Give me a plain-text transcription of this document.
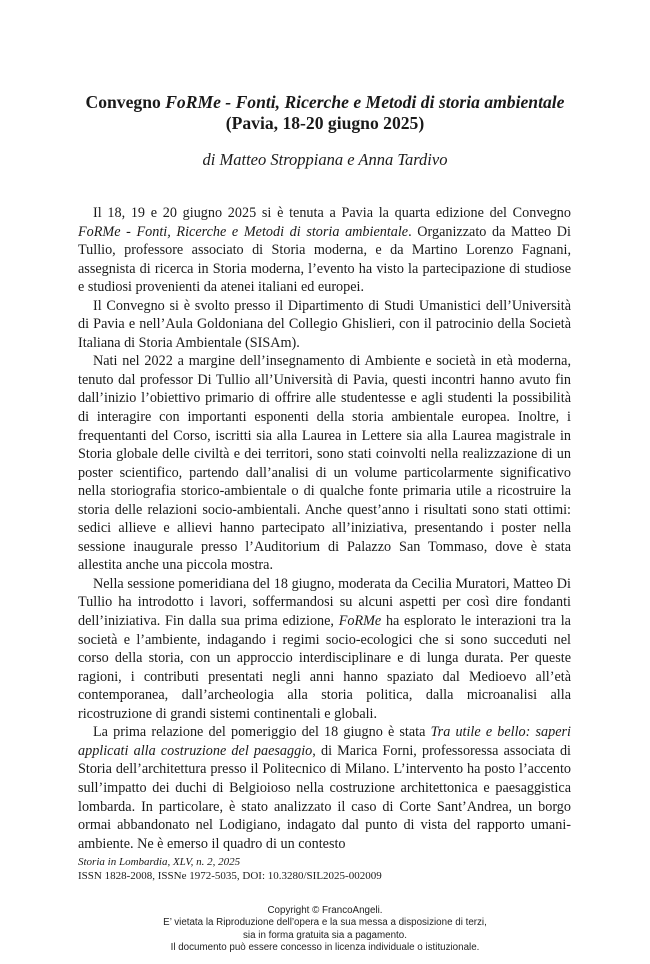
Convegno FoRMe - Fonti, Ricerche e Metodi di storia ambientale
(Pavia, 18-20 giugno 2025)
di Matteo Stroppiana e Anna Tardivo

Il 18, 19 e 20 giugno 2025 si è tenuta a Pavia la quarta edizione del Convegno FoRMe - Fonti, Ricerche e Metodi di storia ambientale. Organizzato da Matteo Di Tullio, professore associato di Storia moderna, e da Martino Lorenzo Fagnani, assegnista di ricerca in Storia moderna, l’evento ha visto la partecipazione di studiose e studiosi provenienti da atenei italiani ed europei.

Il Convegno si è svolto presso il Dipartimento di Studi Umanistici dell’Università di Pavia e nell’Aula Goldoniana del Collegio Ghislieri, con il patrocinio della Società Italiana di Storia Ambientale (SISAm).

Nati nel 2022 a margine dell’insegnamento di Ambiente e società in età moderna, tenuto dal professor Di Tullio all’Università di Pavia, questi incontri hanno avuto fin dall’inizio l’obiettivo primario di offrire alle studentesse e agli studenti la possibilità di interagire con importanti esponenti della storia ambientale europea. Inoltre, i frequentanti del Corso, iscritti sia alla Laurea in Lettere sia alla Laurea magistrale in Storia globale delle civiltà e dei territori, sono stati coinvolti nella realizzazione di un poster scientifico, partendo dall’analisi di un volume particolarmente significativo nella storiografia storico-ambientale o di qualche fonte primaria utile a ricostruire la storia delle relazioni socio-ambientali. Anche quest’anno i risultati sono stati ottimi: sedici allieve e allievi hanno partecipato all’iniziativa, presentando i poster nella sessione inaugurale presso l’Auditorium di Palazzo San Tommaso, dove è stata allestita anche una piccola mostra.

Nella sessione pomeridiana del 18 giugno, moderata da Cecilia Muratori, Matteo Di Tullio ha introdotto i lavori, soffermandosi su alcuni aspetti per così dire fondanti dell’iniziativa. Fin dalla sua prima edizione, FoRMe ha esplorato le interazioni tra la società e l’ambiente, indagando i regimi socio-ecologici che si sono succeduti nel corso della storia, con un approccio interdisciplinare e di lunga durata. Per queste ragioni, i contributi presentati negli anni hanno spaziato dal Medioevo all’età contemporanea, dall’archeologia alla storia politica, dalla microanalisi alla ricostruzione di grandi sistemi continentali e globali.

La prima relazione del pomeriggio del 18 giugno è stata Tra utile e bello: saperi applicati alla costruzione del paesaggio, di Marica Forni, professoressa associata di Storia dell’architettura presso il Politecnico di Milano. L’intervento ha posto l’accento sull’impatto dei duchi di Belgioioso nella costruzione architettonica e paesaggistica lombarda. In particolare, è stato analizzato il caso di Corte Sant’Andrea, un borgo ormai abbandonato nel Lodigiano, indagato dal punto di vista del rapporto umani-ambiente. Ne è emerso il quadro di un contesto

Storia in Lombardia, XLV, n. 2, 2025
ISSN 1828-2008, ISSNe 1972-5035, DOI: 10.3280/SIL2025-002009
Copyright © FrancoAngeli.
E’ vietata la Riproduzione dell’opera e la sua messa a disposizione di terzi,
sia in forma gratuita sia a pagamento.
Il documento può essere concesso in licenza individuale o istituzionale.
